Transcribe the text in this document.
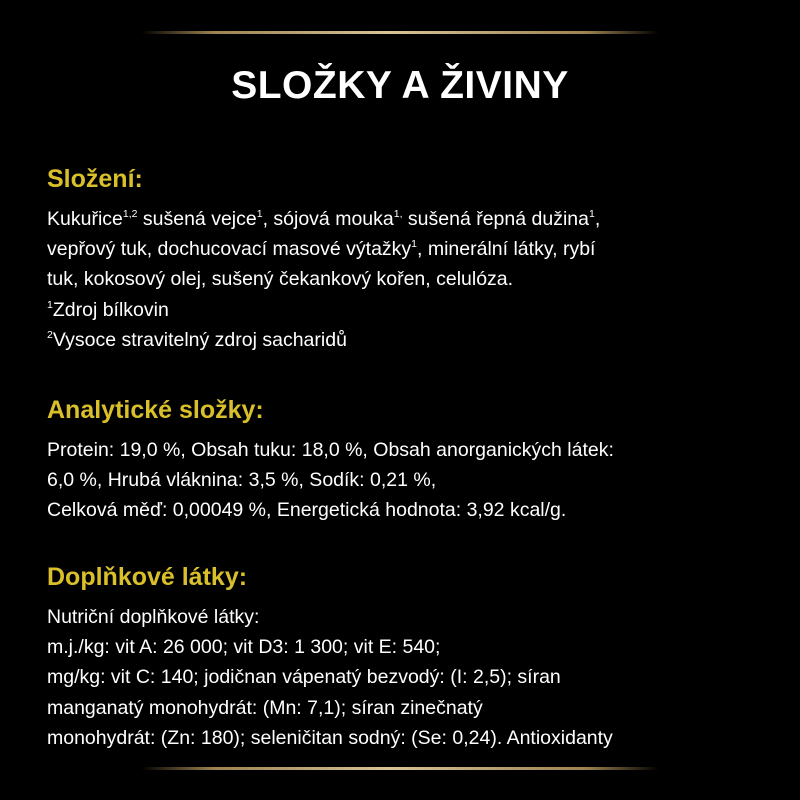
SLOŽKY A ŽIVINY
Složení:
Kukuřice$^{1,2}$ sušená vejce$^1$, sójová mouka$^{1,}$ sušená řepná dužina$^1$,
vepřový tuk, dochucovací masové výtažky$^1$, minerální látky, rybí
tuk, kokosový olej, sušený čekankový kořen, celulóza.
$^1$Zdroj bílkovin
$^2$Vysoce stravitelný zdroj sacharidů
Analytické složky:
Protein: 19,0 %, Obsah tuku: 18,0 %, Obsah anorganických látek:
6,0 %, Hrubá vláknina: 3,5 %, Sodík: 0,21 %,
Celková měď: 0,00049 %, Energetická hodnota: 3,92 kcal/g.
Doplňkové látky:
Nutriční doplňkové látky:
m.j./kg: vit A: 26 000; vit D3: 1 300; vit E: 540;
mg/kg: vit C: 140; jodičnan vápenatý bezvodý: (I: 2,5); síran
manganatý monohydrát: (Mn: 7,1); síran zinečnatý
monohydrát: (Zn: 180); seleničitan sodný: (Se: 0,24). Antioxidanty
